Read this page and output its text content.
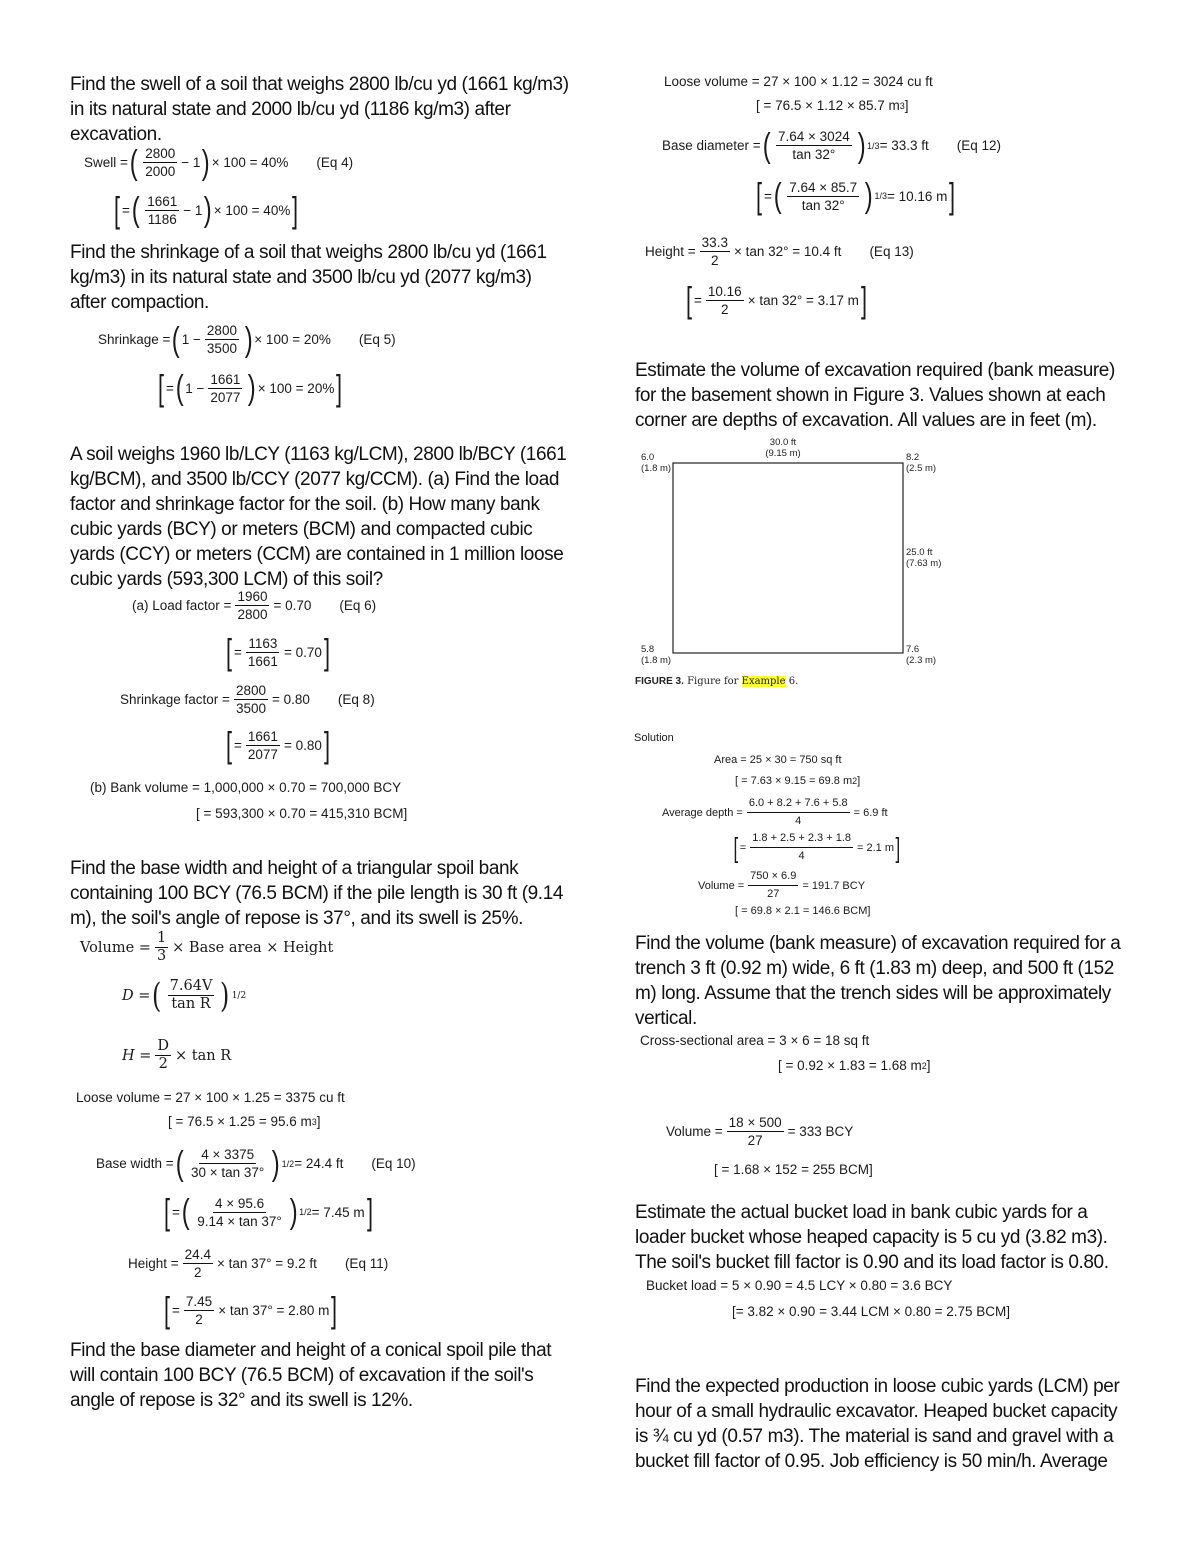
Find the swell of a soil that weighs 2800 lb/cu yd (1661 kg/m3) in its natural state and 2000 lb/cu yd (1186 kg/m3) after excavation.

Swell = ( $\frac{2800}{2000} - 1$ ) × 100 = 40% (Eq 4)
[ = ( $\frac{1661}{1186} - 1$ ) × 100 = 40% ]

Find the shrinkage of a soil that weighs 2800 lb/cu yd (1661 kg/m3) in its natural state and 3500 lb/cu yd (2077 kg/m3) after compaction.

Shrinkage = ( $1 - \frac{2800}{3500}$ ) × 100 = 20% (Eq 5)
[ = ( $1 - \frac{1661}{2077}$ ) × 100 = 20% ]

A soil weighs 1960 lb/LCY (1163 kg/LCM), 2800 lb/BCY (1661 kg/BCM), and 3500 lb/CCY (2077 kg/CCM). (a) Find the load factor and shrinkage factor for the soil. (b) How many bank cubic yards (BCY) or meters (BCM) and compacted cubic yards (CCY) or meters (CCM) are contained in 1 million loose cubic yards (593,300 LCM) of this soil?

(a) Load factor = $\frac{1960}{2800} = 0.70$ (Eq 6)
[ = $\frac{1163}{1661} = 0.70$ ]
Shrinkage factor = $\frac{2800}{3500} = 0.80$ (Eq 8)
[ = $\frac{1661}{2077} = 0.80$ ]
(b) Bank volume = 1,000,000 × 0.70 = 700,000 BCY
[ = 593,300 × 0.70 = 415,310 BCM]

Find the base width and height of a triangular spoil bank containing 100 BCY (76.5 BCM) if the pile length is 30 ft (9.14 m), the soil's angle of repose is 37°, and its swell is 25%.

Volume = $\frac{1}{3}$ × Base area × Height
D = ( $\frac{7.64V}{\text{tan R}}$ ) 1/2
$H = \frac{D}{2} \times \tan R$
Loose volume = 27 × 100 × 1.25 = 3375 cu ft
[ = 76.5 × 1.25 = 95.6 m 3 ]
Base width = ( $\frac{4 \times 3375}{30 \times \tan 37^\circ}$ ) 1/2 = 24.4 ft (Eq 10)
[ = ( $\frac{4 \times 95.6}{9.14 \times \tan 37^\circ}$ ) 1/2 = 7.45 m ]
Height = $\frac{24.4}{2} \times \tan 37^\circ = 9.2$ ft (Eq 11)
[ = $\frac{7.45}{2} \times \tan 37^\circ = 2.80$ m ]

Find the base diameter and height of a conical spoil pile that will contain 100 BCY (76.5 BCM) of excavation if the soil's angle of repose is 32° and its swell is 12%.

Loose volume = 27 × 100 × 1.12 = 3024 cu ft
[ = 76.5 × 1.12 × 85.7 m 3 ]
Base diameter = ( $\frac{7.64 \times 3024}{\tan 32^\circ}$ ) 1/3 = 33.3 ft (Eq 12)
[ = ( $\frac{7.64 \times 85.7}{\tan 32^\circ}$ ) 1/3 = 10.16 m ]
Height = $\frac{33.3}{2} \times \tan 32^\circ = 10.4$ ft (Eq 13)
[ = $\frac{10.16}{2} \times \tan 32^\circ = 3.17$ m ]

Estimate the volume of excavation required (bank measure) for the basement shown in Figure 3. Values shown at each corner are depths of excavation. All values are in feet (m).

30.0 ft
(9.15 m)
6.0
(1.8 m)
8.2
(2.5 m)
25.0 ft
(7.63 m)
5.8
(1.8 m)
7.6
(2.3 m)
FIGURE 3. Figure for Example 6.
Solution
Area = 25 × 30 = 750 sq ft
[ = 7.63 × 9.15 = 69.8 m 2 ]
Average depth = $\frac{6.0 + 8.2 + 7.6 + 5.8}{4} = 6.9$ ft
[ = $\frac{1.8 + 2.5 + 2.3 + 1.8}{4} = 2.1$ m ]
Volume = $\frac{750 \times 6.9}{27} = 191.7$ BCY
[ = 69.8 × 2.1 = 146.6 BCM]

Find the volume (bank measure) of excavation required for a trench 3 ft (0.92 m) wide, 6 ft (1.83 m) deep, and 500 ft (152 m) long. Assume that the trench sides will be approximately vertical.

Cross-sectional area = 3 × 6 = 18 sq ft
[ = 0.92 × 1.83 = 1.68 m 2 ]
Volume = $\frac{18 \times 500}{27} = 333$ BCY
[ = 1.68 × 152 = 255 BCM]

Estimate the actual bucket load in bank cubic yards for a loader bucket whose heaped capacity is 5 cu yd (3.82 m3). The soil's bucket fill factor is 0.90 and its load factor is 0.80.

Bucket load = 5 × 0.90 = 4.5 LCY × 0.80 = 3.6 BCY
[= 3.82 × 0.90 = 3.44 LCM × 0.80 = 2.75 BCM]

Find the expected production in loose cubic yards (LCM) per hour of a small hydraulic excavator. Heaped bucket capacity is ¾ cu yd (0.57 m3). The material is sand and gravel with a bucket fill factor of 0.95. Job efficiency is 50 min/h. Average
